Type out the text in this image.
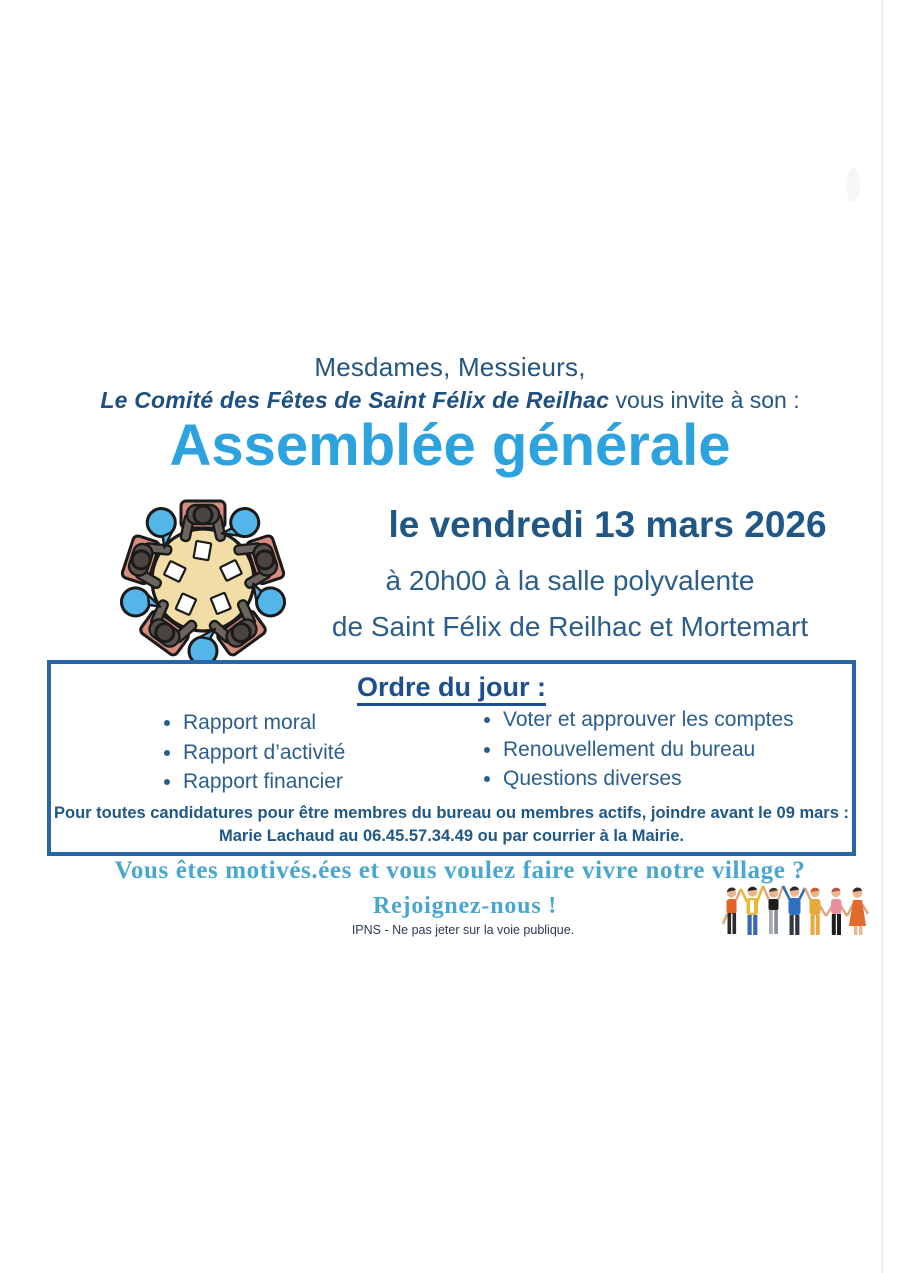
Mesdames, Messieurs,
Le Comité des Fêtes de Saint Félix de Reilhac vous invite à son :
Assemblée générale
le vendredi 13 mars 2026
à 20h00 à la salle polyvalente
de Saint Félix de Reilhac et Mortemart
Ordre du jour :
• Rapport moral
• Rapport d’activité
• Rapport financier
• Voter et approuver les comptes
• Renouvellement du bureau
• Questions diverses
Pour toutes candidatures pour être membres du bureau ou membres actifs, joindre avant le 09 mars :
Marie Lachaud au 06.45.57.34.49 ou par courrier à la Mairie.
Vous êtes motivés.ées et vous voulez faire vivre notre village ?
Rejoignez-nous !
IPNS - Ne pas jeter sur la voie publique.
